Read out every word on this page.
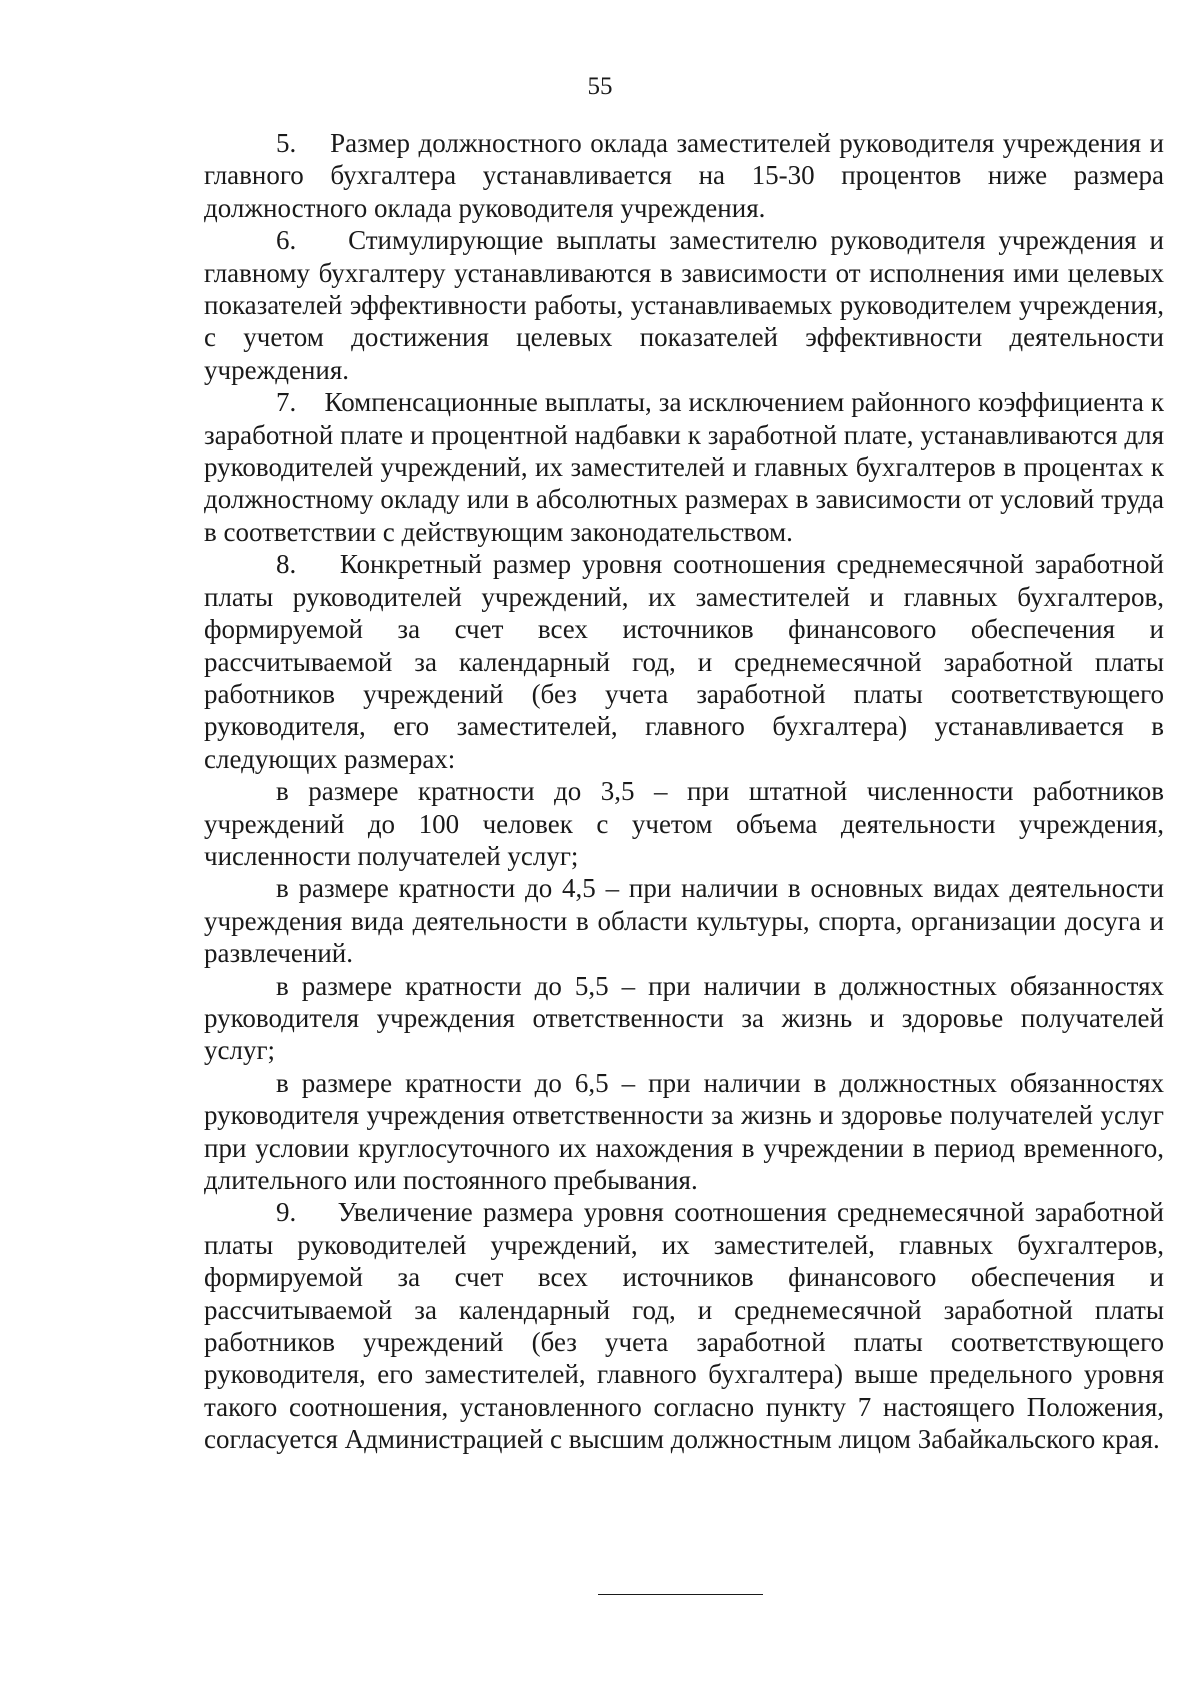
55

5.    Размер должностного оклада заместителей руководителя учреждения и главного бухгалтера устанавливается на 15-30 процентов ниже размера должностного оклада руководителя учреждения.

6.    Стимулирующие выплаты заместителю руководителя учреждения и главному бухгалтеру устанавливаются в зависимости от исполнения ими целевых показателей эффективности работы, устанавливаемых руководителем учреждения, с учетом достижения целевых показателей эффективности деятельности учреждения.

7.    Компенсационные выплаты, за исключением районного коэффициента к заработной плате и процентной надбавки к заработной плате, устанавливаются для руководителей учреждений, их заместителей и главных бухгалтеров в процентах к должностному окладу или в абсолютных размерах в зависимости от условий труда в соответствии с действующим законодательством.

8.    Конкретный размер уровня соотношения среднемесячной заработной платы руководителей учреждений, их заместителей и главных бухгалтеров, формируемой за счет всех источников финансового обеспечения и рассчитываемой за календарный год, и среднемесячной заработной платы работников учреждений (без учета заработной платы соответствующего руководителя, его заместителей, главного бухгалтера) устанавливается в следующих размерах:

в размере кратности до 3,5 – при штатной численности работников учреждений до 100 человек с учетом объема деятельности учреждения, численности получателей услуг;

в размере кратности до 4,5 – при наличии в основных видах деятельности учреждения вида деятельности в области культуры, спорта, организации досуга и развлечений.

в размере кратности до 5,5 – при наличии в должностных обязанностях руководителя учреждения ответственности за жизнь и здоровье получателей услуг;

в размере кратности до 6,5 – при наличии в должностных обязанностях руководителя учреждения ответственности за жизнь и здоровье получателей услуг при условии круглосуточного их нахождения в учреждении в период временного, длительного или постоянного пребывания.

9.    Увеличение размера уровня соотношения среднемесячной заработной платы руководителей учреждений, их заместителей, главных бухгалтеров, формируемой за счет всех источников финансового обеспечения и рассчитываемой за календарный год, и среднемесячной заработной платы работников учреждений (без учета заработной платы соответствующего руководителя, его заместителей, главного бухгалтера) выше предельного уровня такого соотношения, установленного согласно пункту 7 настоящего Положения, согласуется Администрацией с высшим должностным лицом Забайкальского края.
